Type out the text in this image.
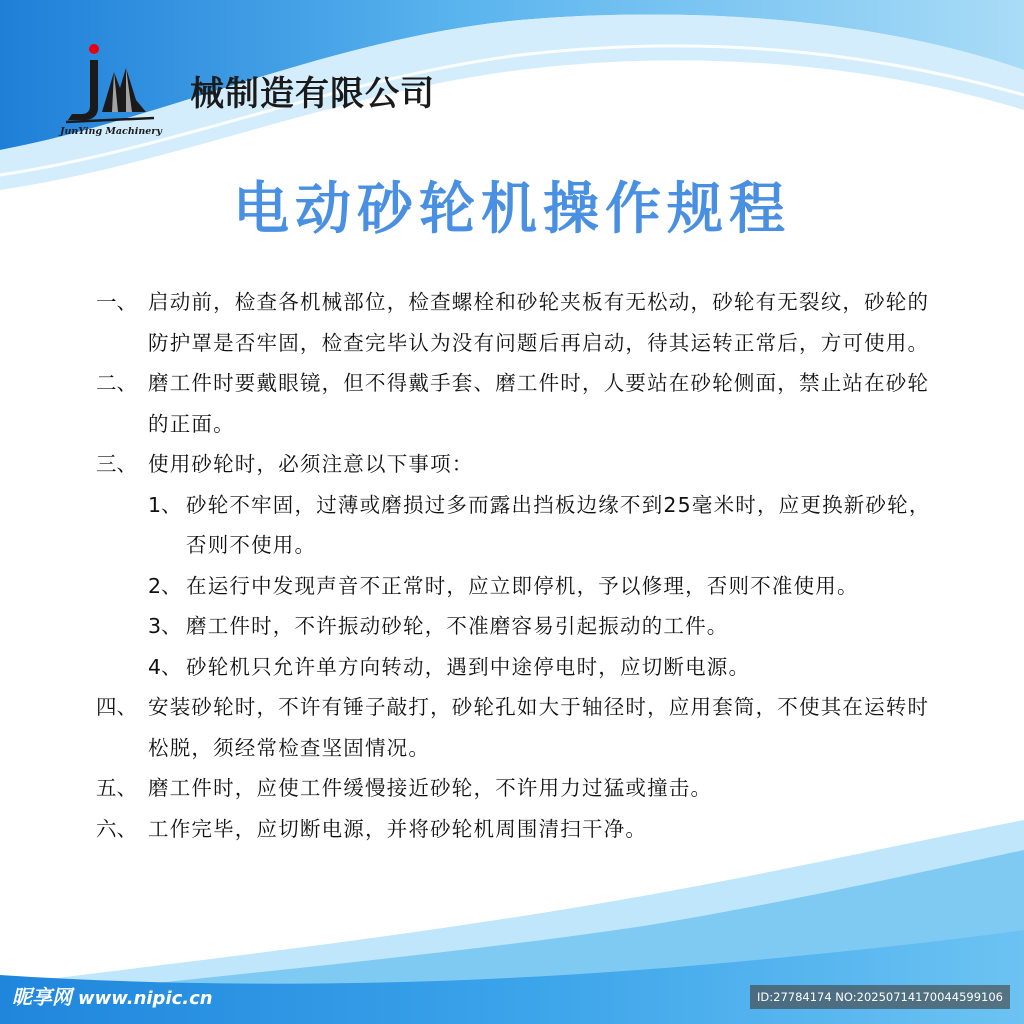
JunYing Machinery
械制造有限公司
电动砂轮机操作规程
一、 启动前，检查各机械部位，检查螺栓和砂轮夹板有无松动，砂轮有无裂纹，砂轮的防护罩是否牢固，检查完毕认为没有问题后再启动，待其运转正常后，方可使用。

二、 磨工件时要戴眼镜，但不得戴手套、磨工件时，人要站在砂轮侧面，禁止站在砂轮的正面。

三、 使用砂轮时，必须注意以下事项：

1、 砂轮不牢固，过薄或磨损过多而露出挡板边缘不到25毫米时，应更换新砂轮，否则不使用。

2、 在运行中发现声音不正常时，应立即停机，予以修理，否则不准使用。

3、 磨工件时，不许振动砂轮，不准磨容易引起振动的工件。

4、 砂轮机只允许单方向转动，遇到中途停电时，应切断电源。

四、 安装砂轮时，不许有锤子敲打，砂轮孔如大于轴径时，应用套筒，不使其在运转时松脱，须经常检查坚固情况。

五、 磨工件时，应使工件缓慢接近砂轮，不许用力过猛或撞击。

六、 工作完毕，应切断电源，并将砂轮机周围清扫干净。

昵享网 www.nipic.cn	ID:27784174 NO:20250714170044599106
